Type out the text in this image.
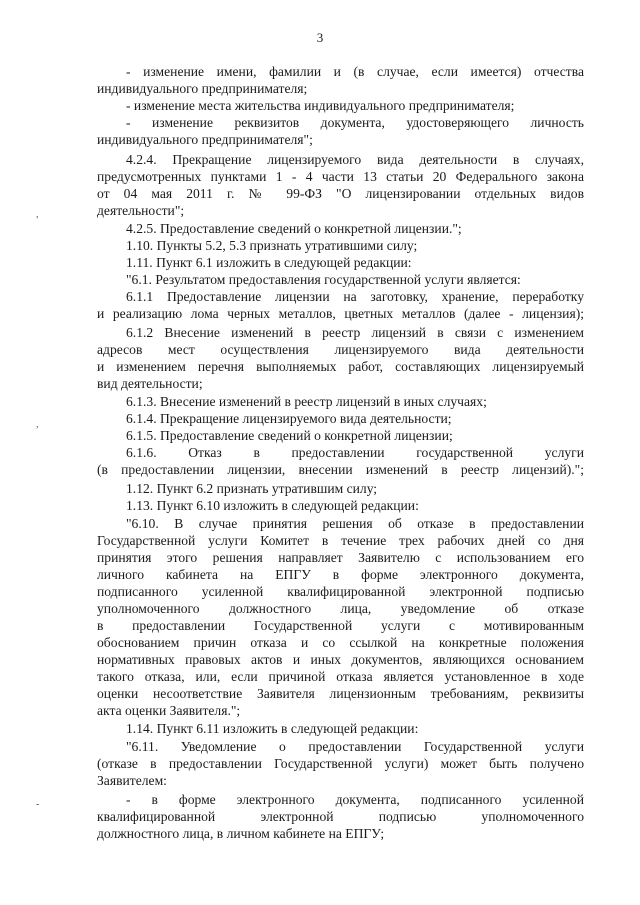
3
,
,
-
- изменение имени, фамилии и (в случае, если имеется) отчества
индивидуального предпринимателя;
- изменение места жительства индивидуального предпринимателя;
- изменение реквизитов документа, удостоверяющего личность
индивидуального предпринимателя";
4.2.4. Прекращение лицензируемого вида деятельности в случаях,
предусмотренных пунктами 1 - 4 части 13 статьи 20 Федерального закона
от 04 мая 2011 г. № 99-ФЗ "О лицензировании отдельных видов
деятельности";
4.2.5. Предоставление сведений о конкретной лицензии.";
1.10. Пункты 5.2, 5.3 признать утратившими силу;
1.11. Пункт 6.1 изложить в следующей редакции:
"6.1. Результатом предоставления государственной услуги является:
6.1.1 Предоставление лицензии на заготовку, хранение, переработку
и реализацию лома черных металлов, цветных металлов (далее - лицензия);
6.1.2 Внесение изменений в реестр лицензий в связи с изменением
адресов мест осуществления лицензируемого вида деятельности
и изменением перечня выполняемых работ, составляющих лицензируемый
вид деятельности;
6.1.3. Внесение изменений в реестр лицензий в иных случаях;
6.1.4. Прекращение лицензируемого вида деятельности;
6.1.5. Предоставление сведений о конкретной лицензии;
6.1.6. Отказ в предоставлении государственной услуги
(в предоставлении лицензии, внесении изменений в реестр лицензий).";
1.12. Пункт 6.2 признать утратившим силу;
1.13. Пункт 6.10 изложить в следующей редакции:
"6.10. В случае принятия решения об отказе в предоставлении
Государственной услуги Комитет в течение трех рабочих дней со дня
принятия этого решения направляет Заявителю с использованием его
личного кабинета на ЕПГУ в форме электронного документа,
подписанного усиленной квалифицированной электронной подписью
уполномоченного должностного лица, уведомление об отказе
в предоставлении Государственной услуги с мотивированным
обоснованием причин отказа и со ссылкой на конкретные положения
нормативных правовых актов и иных документов, являющихся основанием
такого отказа, или, если причиной отказа является установленное в ходе
оценки несоответствие Заявителя лицензионным требованиям, реквизиты
акта оценки Заявителя.";
1.14. Пункт 6.11 изложить в следующей редакции:
"6.11. Уведомление о предоставлении Государственной услуги
(отказе в предоставлении Государственной услуги) может быть получено
Заявителем:
- в форме электронного документа, подписанного усиленной
квалифицированной электронной подписью уполномоченного
должностного лица, в личном кабинете на ЕПГУ;
